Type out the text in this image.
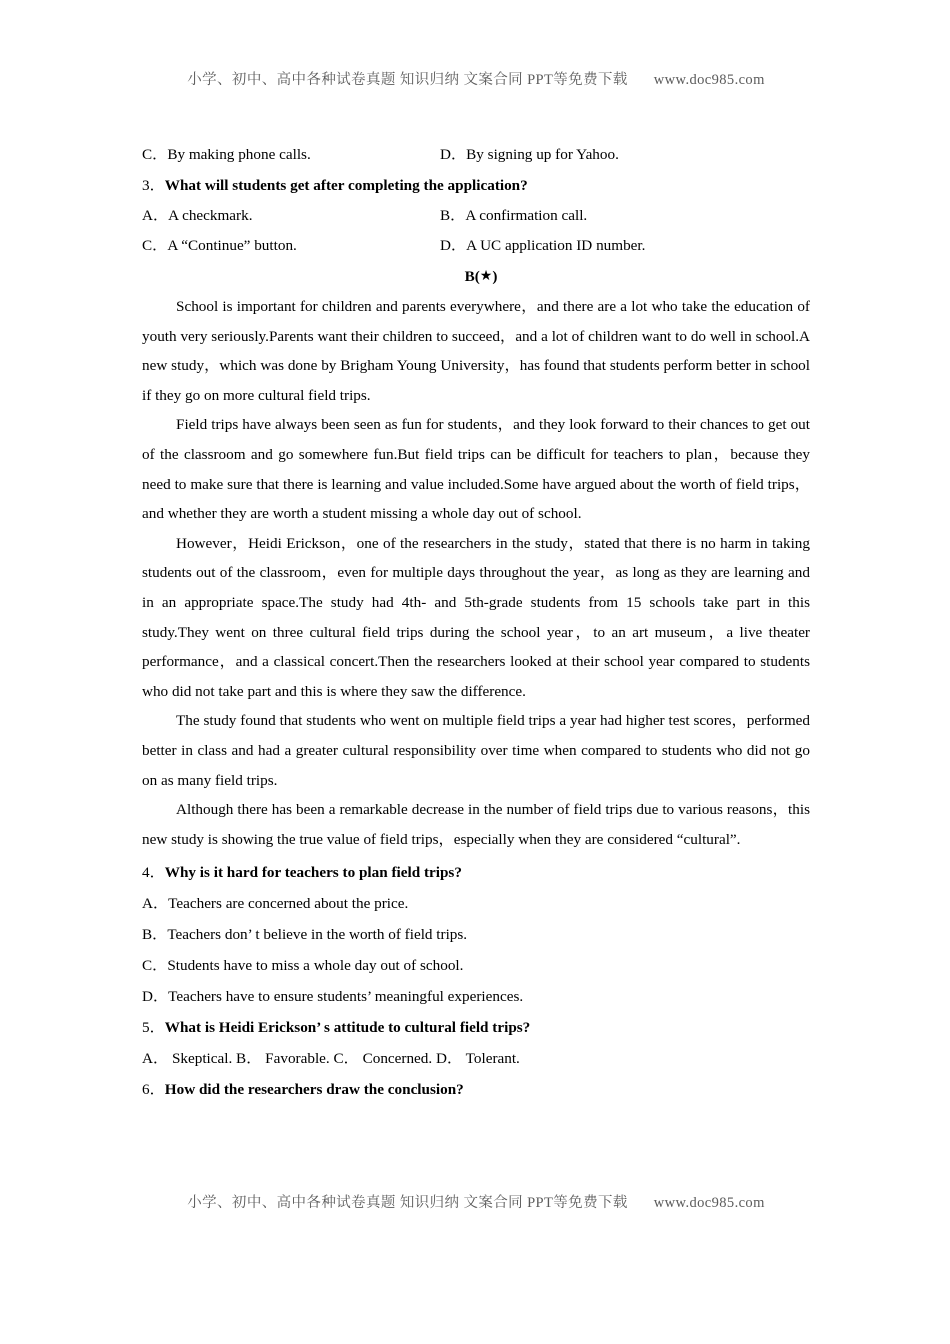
小学、初中、高中各种试卷真题 知识归纳 文案合同 PPT等免费下载 www.doc985.com
C．By making phone calls.	D．By signing up for Yahoo.
3．What will students get after completing the application?
A．A checkmark.	B．A confirmation call.
C．A “Continue” button.	D．A UC application ID number.
B(★)

School is important for children and parents everywhere，and there are a lot who take the education of youth very seriously.Parents want their children to succeed，and a lot of children want to do well in school.A new study，which was done by Brigham Young University，has found that students perform better in school if they go on more cultural field trips.

Field trips have always been seen as fun for students，and they look forward to their chances to get out of the classroom and go somewhere fun.But field trips can be difficult for teachers to plan，because they need to make sure that there is learning and value included.Some have argued about the worth of field trips，and whether they are worth a student missing a whole day out of school.

However，Heidi Erickson，one of the researchers in the study，stated that there is no harm in taking students out of the classroom，even for multiple days throughout the year，as long as they are learning and in an appropriate space.The study had 4th- and 5th-grade students from 15 schools take part in this study.They went on three cultural field trips during the school year，to an art museum，a live theater performance，and a classical concert.Then the researchers looked at their school year compared to students who did not take part and this is where they saw the difference.

The study found that students who went on multiple field trips a year had higher test scores，performed better in class and had a greater cultural responsibility over time when compared to students who did not go on as many field trips.

Although there has been a remarkable decrease in the number of field trips due to various reasons，this new study is showing the true value of field trips，especially when they are considered “cultural”.

4．Why is it hard for teachers to plan field trips?
A．Teachers are concerned about the price.
B．Teachers don’ t believe in the worth of field trips.
C．Students have to miss a whole day out of school.
D．Teachers have to ensure students’ meaningful experiences.
5．What is Heidi Erickson’ s attitude to cultural field trips?
A． Skeptical. B． Favorable. C． Concerned. D． Tolerant.
6．How did the researchers draw the conclusion?
小学、初中、高中各种试卷真题 知识归纳 文案合同 PPT等免费下载 www.doc985.com
